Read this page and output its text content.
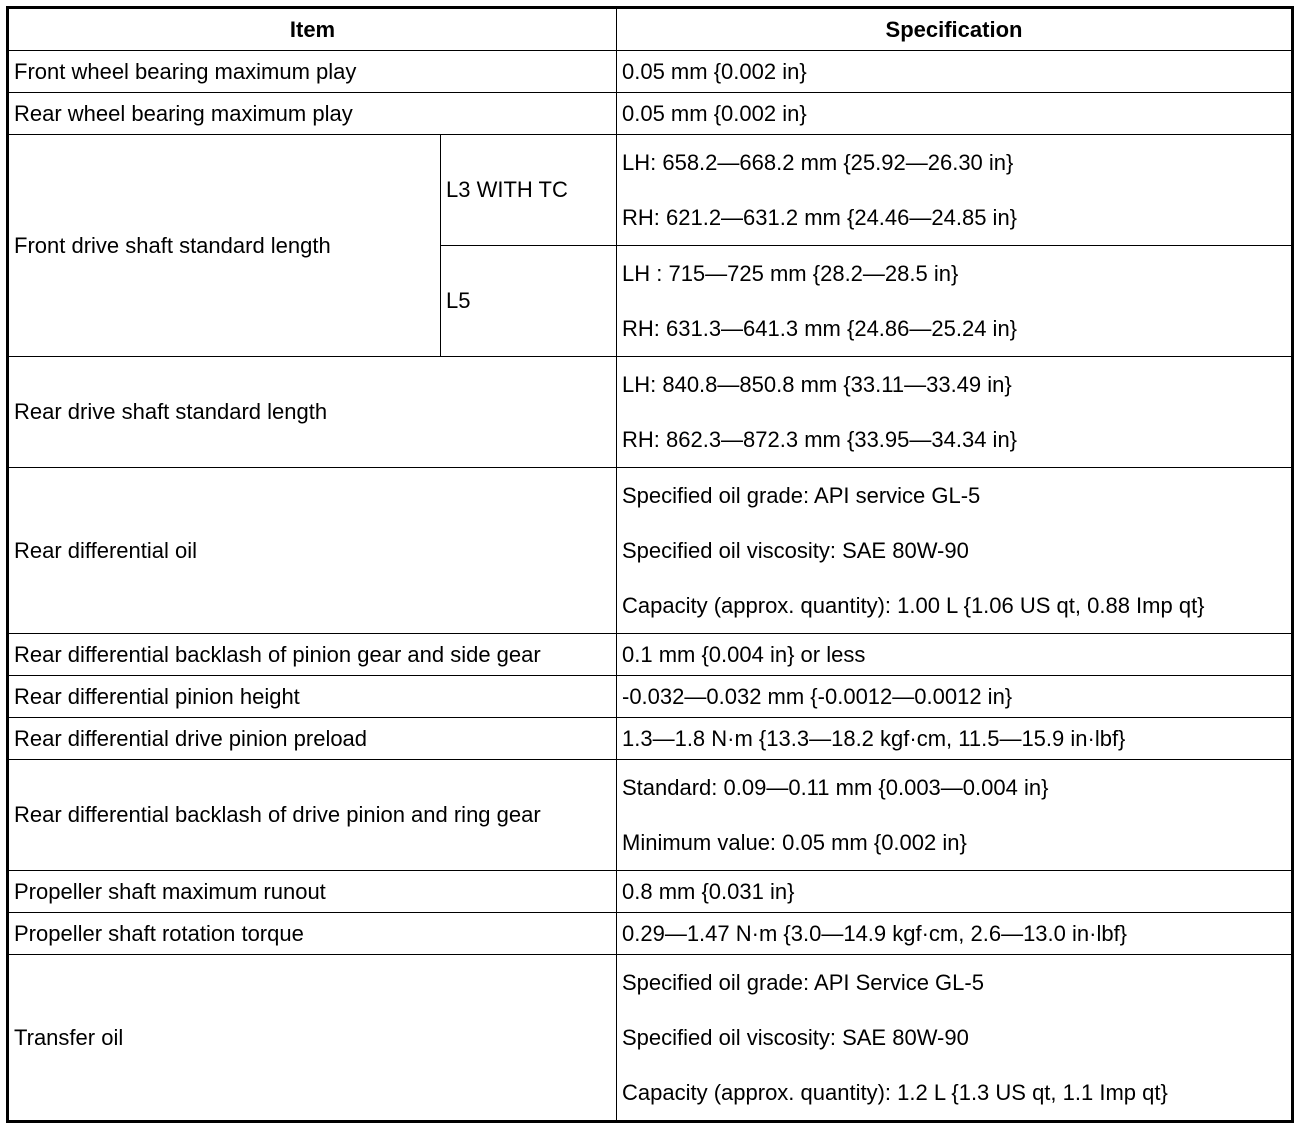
Item		Specification
Front wheel bearing maximum play		0.05 mm {0.002 in}
Rear wheel bearing maximum play		0.05 mm {0.002 in}
Front drive shaft standard length	L3 WITH TC	LH: 658.2—668.2 mm {25.92—26.30 in}
RH: 621.2—631.2 mm {24.46—24.85 in}

	L5	LH : 715—725 mm {28.2—28.5 in}
RH: 631.3—641.3 mm {24.86—25.24 in}

Rear drive shaft standard length		LH: 840.8—850.8 mm {33.11—33.49 in}
RH: 862.3—872.3 mm {33.95—34.34 in}

Rear differential oil		Specified oil grade: API service GL-5
Specified oil viscosity: SAE 80W-90
Capacity (approx. quantity): 1.00 L {1.06 US qt, 0.88 Imp qt}

Rear differential backlash of pinion gear and side gear		0.1 mm {0.004 in} or less
Rear differential pinion height		-0.032—0.032 mm {-0.0012—0.0012 in}
Rear differential drive pinion preload		1.3—1.8 N·m {13.3—18.2 kgf·cm, 11.5—15.9 in·lbf}
Rear differential backlash of drive pinion and ring gear		Standard: 0.09—0.11 mm {0.003—0.004 in}
Minimum value: 0.05 mm {0.002 in}

Propeller shaft maximum runout		0.8 mm {0.031 in}
Propeller shaft rotation torque		0.29—1.47 N·m {3.0—14.9 kgf·cm, 2.6—13.0 in·lbf}
Transfer oil		Specified oil grade: API Service GL-5
Specified oil viscosity: SAE 80W-90
Capacity (approx. quantity): 1.2 L {1.3 US qt, 1.1 Imp qt}
